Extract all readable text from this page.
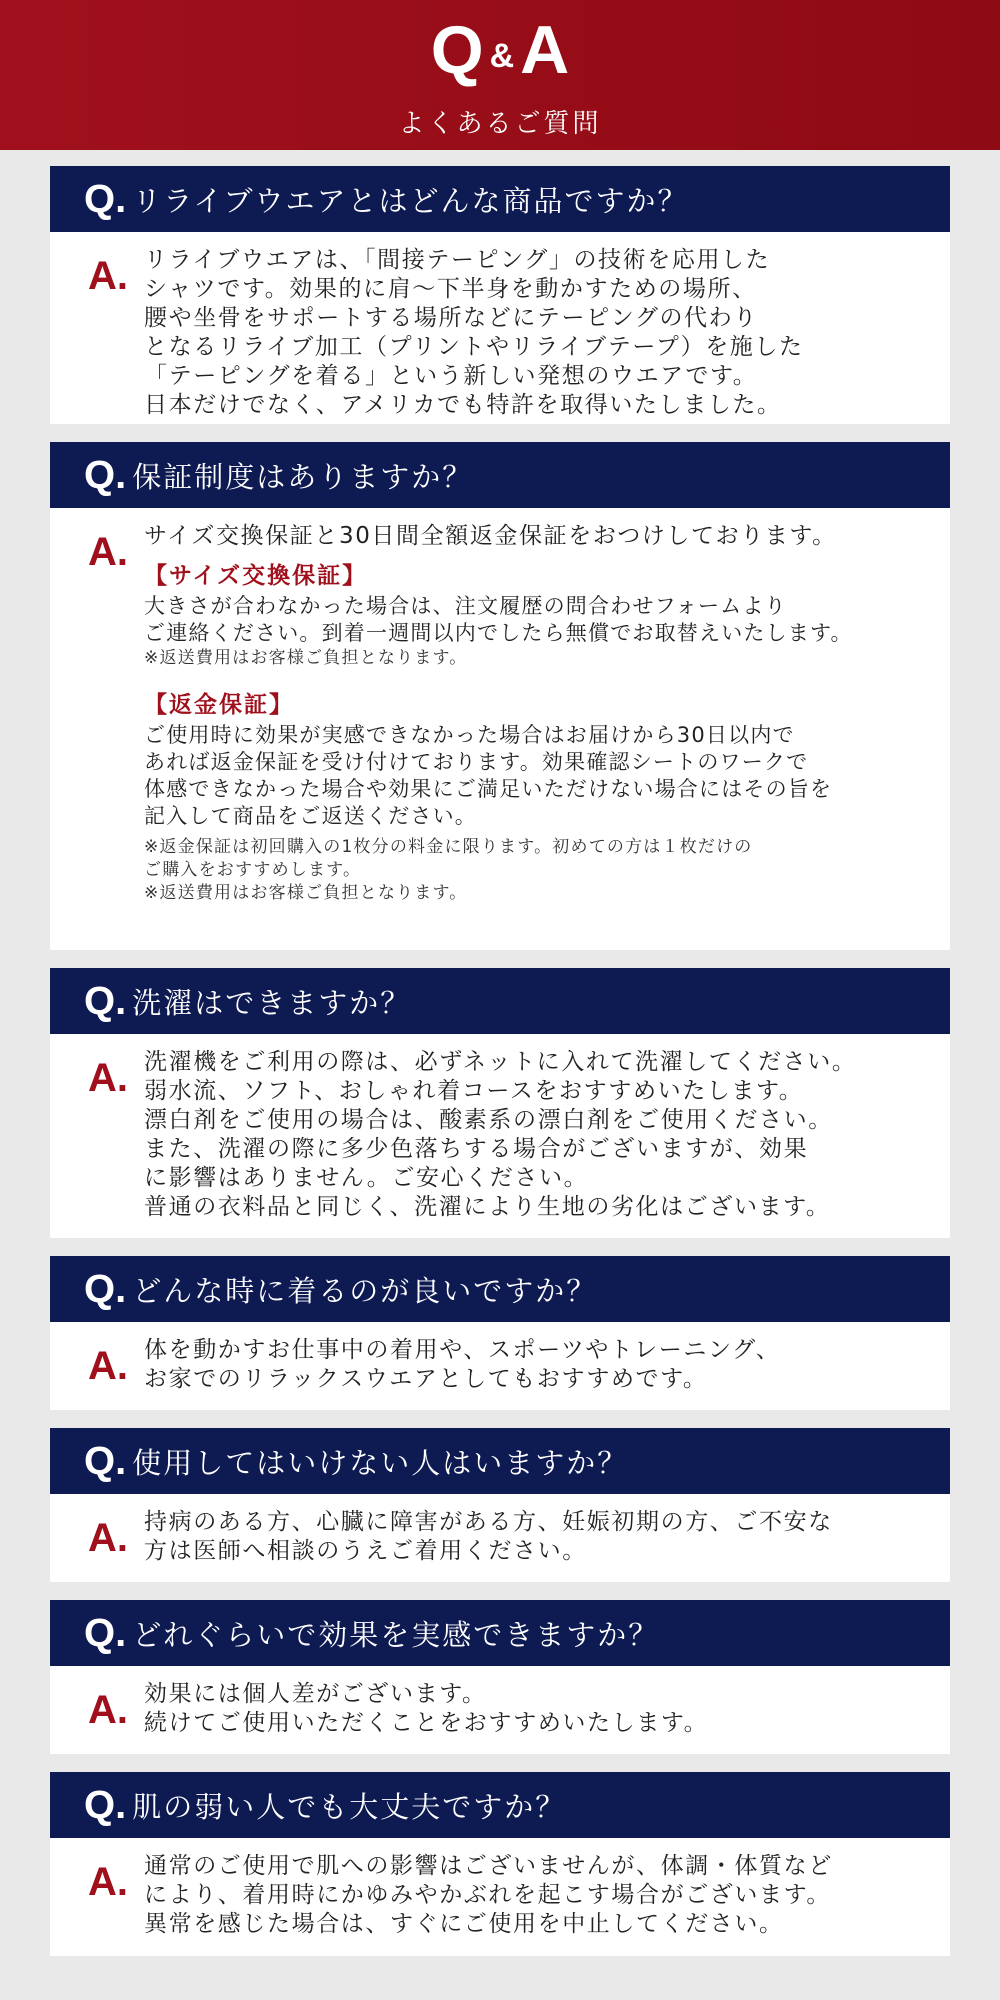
Q &A
よくあるご質問
Q. リライブウエアとはどんな商品ですか？
A. リライブウエアは、「間接テーピング」の技術を応用した
シャツです。効果的に肩〜下半身を動かすための場所、
腰や坐骨をサポートする場所などにテーピングの代わり
となるリライブ加工（プリントやリライブテープ）を施した
「テーピングを着る」という新しい発想のウエアです。
日本だけでなく、アメリカでも特許を取得いたしました。
Q. 保証制度はありますか？
A. サイズ交換保証と30日間全額返金保証をおつけしております。
【サイズ交換保証】
大きさが合わなかった場合は、注文履歴の問合わせフォームより
ご連絡ください。到着一週間以内でしたら無償でお取替えいたします。
※返送費用はお客様ご負担となります。
【返金保証】
ご使用時に効果が実感できなかった場合はお届けから30日以内で
あれば返金保証を受け付けております。効果確認シートのワークで
体感できなかった場合や効果にご満足いただけない場合にはその旨を
記入して商品をご返送ください。
※返金保証は初回購入の1枚分の料金に限ります。初めての方は１枚だけの
ご購入をおすすめします。
※返送費用はお客様ご負担となります。
Q. 洗濯はできますか？
A. 洗濯機をご利用の際は、必ずネットに入れて洗濯してください。
弱水流、ソフト、おしゃれ着コースをおすすめいたします。
漂白剤をご使用の場合は、酸素系の漂白剤をご使用ください。
また、洗濯の際に多少色落ちする場合がございますが、効果
に影響はありません。ご安心ください。
普通の衣料品と同じく、洗濯により生地の劣化はございます。
Q. どんな時に着るのが良いですか？
A. 体を動かすお仕事中の着用や、スポーツやトレーニング、
お家でのリラックスウエアとしてもおすすめです。
Q. 使用してはいけない人はいますか？
A. 持病のある方、心臓に障害がある方、妊娠初期の方、ご不安な
方は医師へ相談のうえご着用ください。
Q. どれぐらいで効果を実感できますか？
A. 効果には個人差がございます。
続けてご使用いただくことをおすすめいたします。
Q. 肌の弱い人でも大丈夫ですか？
A. 通常のご使用で肌への影響はございませんが、体調・体質など
により、着用時にかゆみやかぶれを起こす場合がございます。
異常を感じた場合は、すぐにご使用を中止してください。
